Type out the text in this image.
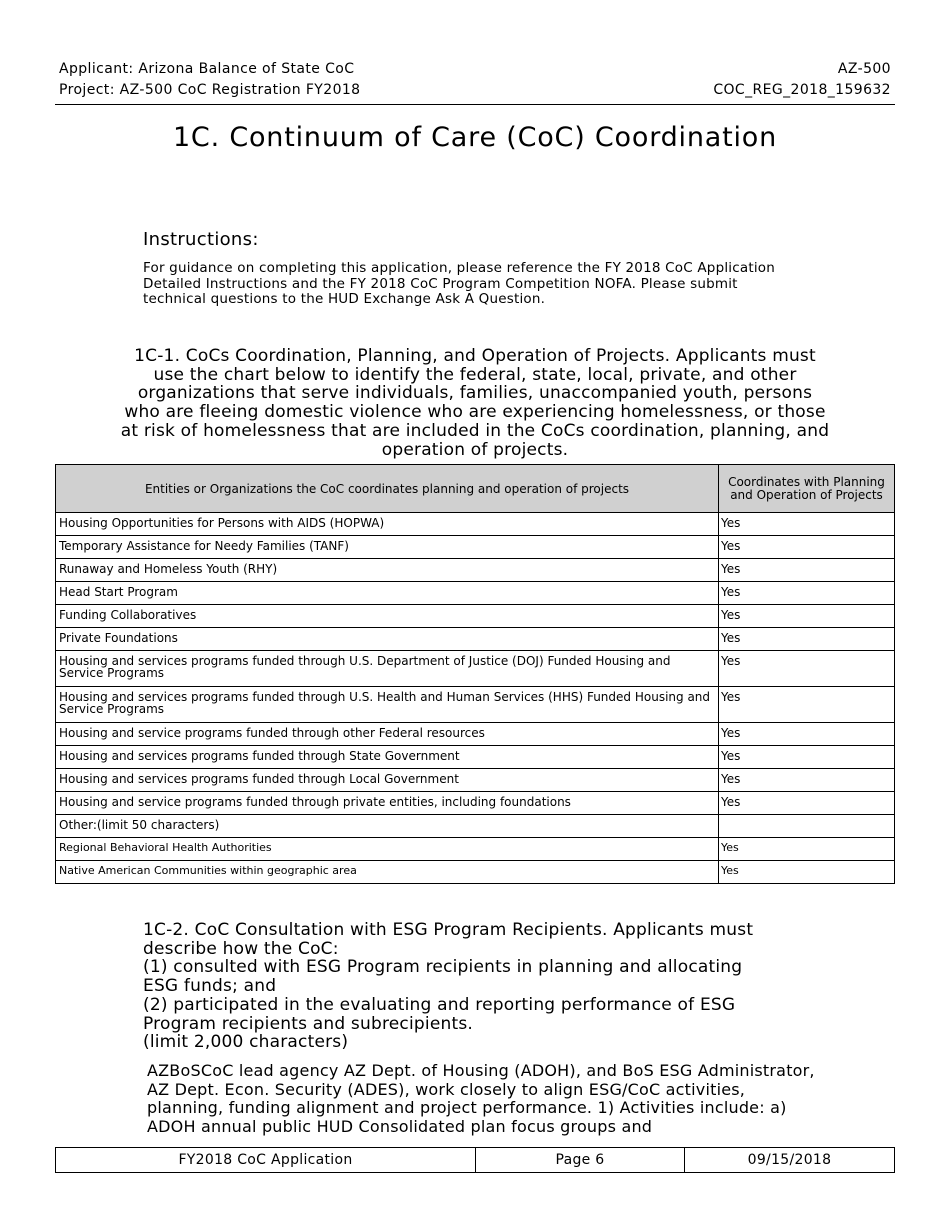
Applicant: Arizona Balance of State CoC	AZ-500
Project: AZ-500 CoC Registration FY2018	COC_REG_2018_159632
1C. Continuum of Care (CoC) Coordination
Instructions:
For guidance on completing this application, please reference the FY 2018 CoC Application
Detailed Instructions and the FY 2018 CoC Program Competition NOFA. Please submit
technical questions to the HUD Exchange Ask A Question.
1C-1. CoCs Coordination, Planning, and Operation of Projects. Applicants must use the chart below to identify the federal, state, local, private, and other organizations that serve individuals, families, unaccompanied youth, persons who are fleeing domestic violence who are experiencing homelessness, or those at risk of homelessness that are included in the CoCs coordination, planning, and operation of projects.
Entities or Organizations the CoC coordinates planning and operation of projects	Coordinates with Planning and Operation of Projects
Housing Opportunities for Persons with AIDS (HOPWA)	Yes
Temporary Assistance for Needy Families (TANF)	Yes
Runaway and Homeless Youth (RHY)	Yes
Head Start Program	Yes
Funding Collaboratives	Yes
Private Foundations	Yes
Housing and services programs funded through U.S. Department of Justice (DOJ) Funded Housing and Service Programs	Yes
Housing and services programs funded through U.S. Health and Human Services (HHS) Funded Housing and Service Programs	Yes
Housing and service programs funded through other Federal resources	Yes
Housing and services programs funded through State Government	Yes
Housing and services programs funded through Local Government	Yes
Housing and service programs funded through private entities, including foundations	Yes
Other:(limit 50 characters)	
Regional Behavioral Health Authorities	Yes
Native American Communities within geographic area	Yes
1C-2. CoC Consultation with ESG Program Recipients. Applicants must
describe how the CoC:
(1) consulted with ESG Program recipients in planning and allocating
ESG funds; and
(2) participated in the evaluating and reporting performance of ESG
Program recipients and subrecipients.
(limit 2,000 characters)
AZBoSCoC lead agency AZ Dept. of Housing (ADOH), and BoS ESG Administrator, AZ Dept. Econ. Security (ADES), work closely to align ESG/CoC activities, planning, funding alignment and project performance. 1) Activities include: a) ADOH annual public HUD Consolidated plan focus groups and
FY2018 CoC Application	Page 6	09/15/2018
